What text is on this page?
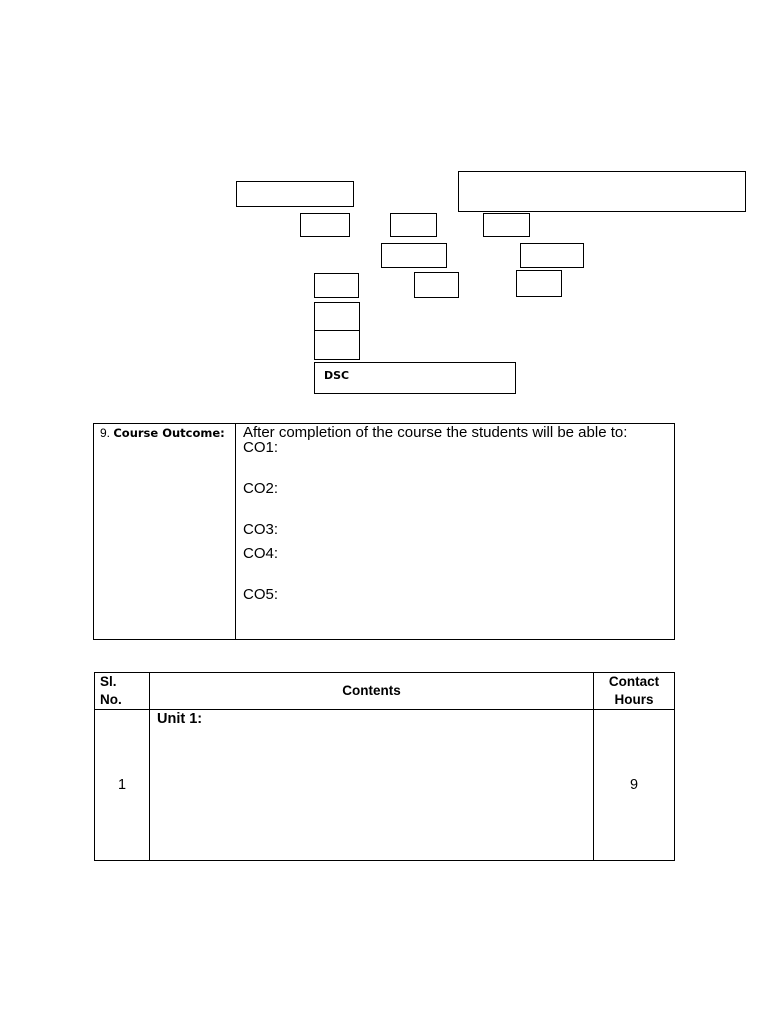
DSC
9. Course Outcome:	After completion of the course the students will be able to:
CO1:
CO2:
CO3:
CO4:
CO5:
Sl.
No.
Contents
Contact
Hours
1
Unit 1:
9
